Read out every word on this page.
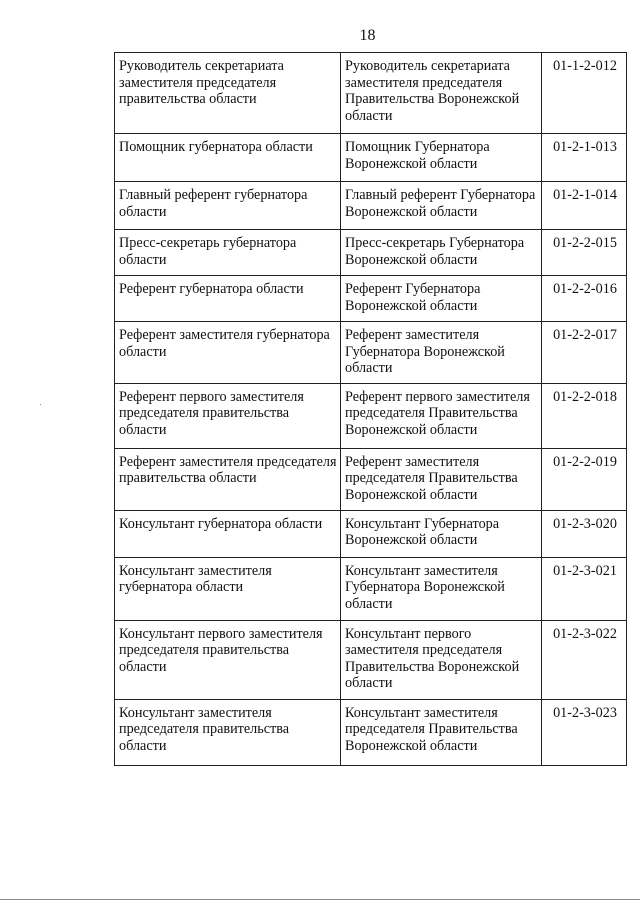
18
Руководитель секретариата заместителя председателя правительства области	Руководитель секретариата заместителя председателя Правительства Воронежской области	01-1-2-012
Помощник губернатора области	Помощник Губернатора Воронежской области	01-2-1-013
Главный референт губернатора области	Главный референт Губернатора Воронежской области	01-2-1-014
Пресс-секретарь губернатора области	Пресс-секретарь Губернатора Воронежской области	01-2-2-015
Референт губернатора области	Референт Губернатора Воронежской области	01-2-2-016
Референт заместителя губернатора области	Референт заместителя Губернатора Воронежской области	01-2-2-017
Референт первого заместителя председателя правительства области	Референт первого заместителя председателя Правительства Воронежской области	01-2-2-018
Референт заместителя председателя правительства области	Референт заместителя председателя Правительства Воронежской области	01-2-2-019
Консультант губернатора области	Консультант Губернатора Воронежской области	01-2-3-020
Консультант заместителя губернатора области	Консультант заместителя Губернатора Воронежской области	01-2-3-021
Консультант первого заместителя председателя правительства области	Консультант первого заместителя председателя Правительства Воронежской области	01-2-3-022
Консультант заместителя председателя правительства области	Консультант заместителя председателя Правительства Воронежской области	01-2-3-023
